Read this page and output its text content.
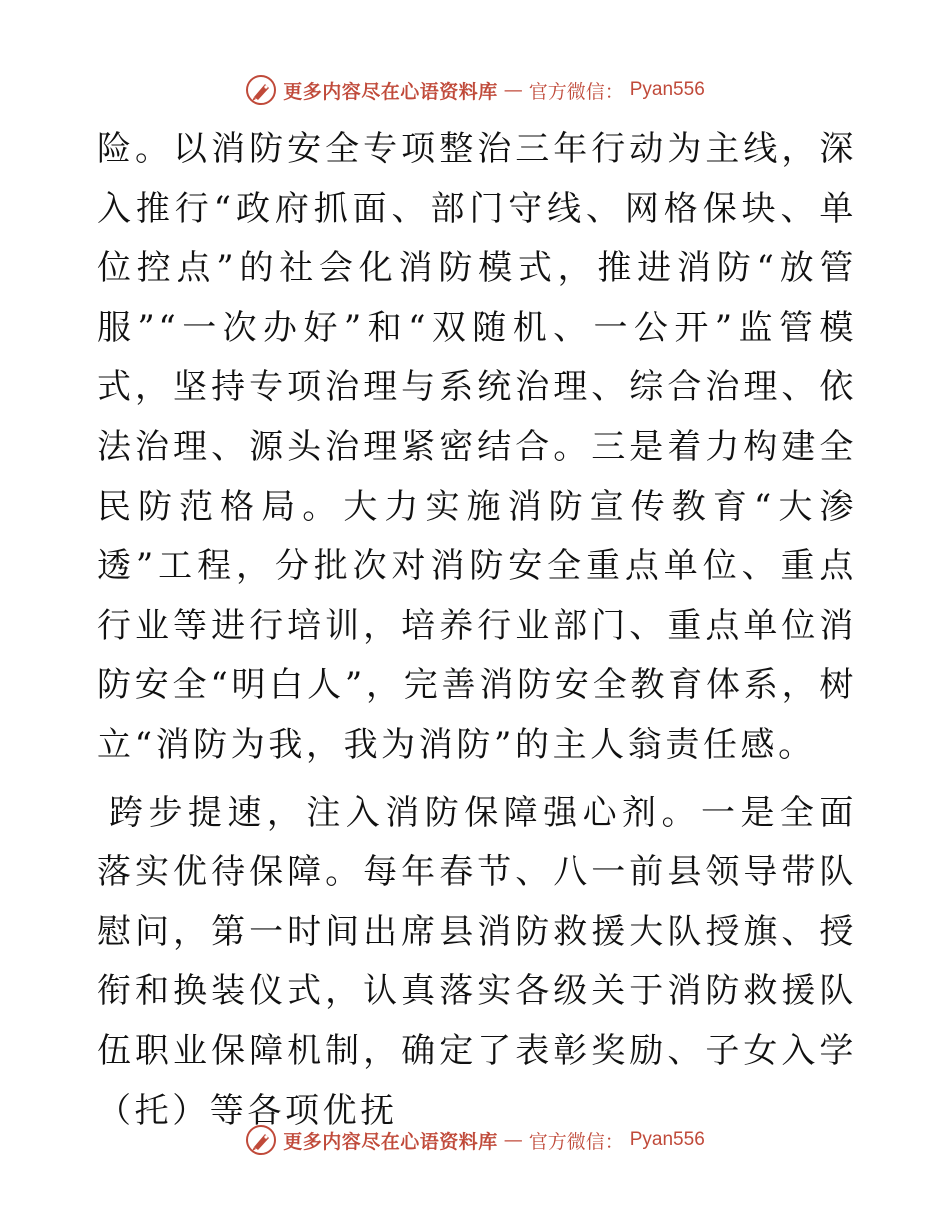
更多内容尽在心语资料库 — 官方微信： Pyan556

险。以消防安全专项整治三年行动为主线，深入推行“政府抓面、部门守线、网格保块、单位控点”的社会化消防模式，推进消防“放管服”“一次办好”和“双随机、一公开”监管模式，坚持专项治理与系统治理、综合治理、依法治理、源头治理紧密结合。三是着力构建全民防范格局。大力实施消防宣传教育“大渗透”工程，分批次对消防安全重点单位、重点行业等进行培训，培养行业部门、重点单位消防安全“明白人”，完善消防安全教育体系，树立“消防为我，我为消防”的主人翁责任感。

跨步提速，注入消防保障强心剂。一是全面落实优待保障。每年春节、八一前县领导带队慰问，第一时间出席县消防救援大队授旗、授衔和换装仪式，认真落实各级关于消防救援队伍职业保障机制，确定了表彰奖励、子女入学（托）等各项优抚

更多内容尽在心语资料库 — 官方微信： Pyan556
